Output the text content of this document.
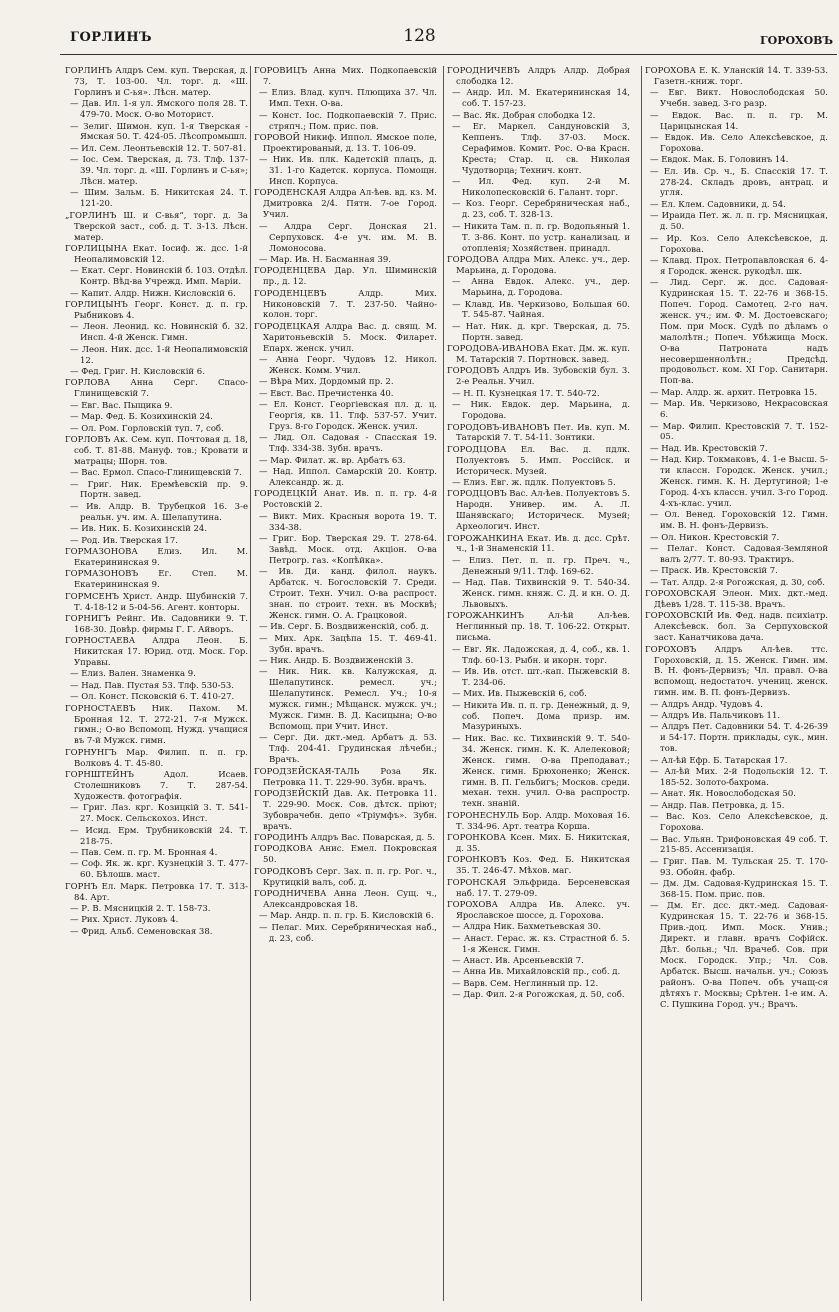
ГОРЛИНЪ	128	ГОРОХОВЪ
ГОРЛИНЪ Алдръ Сем. куп. Тверская, д. 73, Т. 103-00. Чл. торг. д. «Ш. Горлинъ и С-ья». Лѣсн. матер.
— Дав. Ил. 1-я ул. Ямского поля 28. Т. 479-70. Моск. О-во Моторист.
— Зелиг. Шимон. куп. 1-я Тверская - Ямская 50. Т. 424-05. Лѣсопромышл.
— Ил. Сем. Леонтьевскій 12. Т. 507-81.
— Іос. Сем. Тверская, д. 73. Тлф. 137-39. Чл. торг. д. «Ш. Горлинъ и С-ья»; Лѣсн. матер.
— Шим. Зальм. Б. Никитская 24. Т. 121-20.
„ГОРЛИНЪ Ш. и С-вья“, торг. д. За Тверской заст., соб. д. Т. 3-13. Лѣсн. матер.
ГОРЛИЦЫНА Екат. Іосиф. ж. дсс. 1-й Неопалимовскій 12.
— Екат. Серг. Новинскій б. 103. Отдѣл. Контр. Вѣд-ва Учрежд. Имп. Маріи.
— Капит. Алдр. Нижн. Кисловскій 6.
ГОРЛИЦЫНЪ Георг. Конст. д. п. гр. Рыбниковъ 4.
— Леон. Леонид. кс. Новинскій б. 32. Инсп. 4-й Женск. Гимн.
— Леон. Ник. дсс. 1-й Неопалимовскій 12.
— Фед. Григ. Н. Кисловскій 6.
ГОРЛОВА Анна Серг. Спасо-Глинищевскій 7.
— Евг. Вас. Пыщика 9.
— Мар. Фед. Б. Козихинскій 24.
— Ол. Ром. Горловскій туп. 7, соб.
ГОРЛОВЪ Ак. Сем. куп. Почтовая д. 18, соб. Т. 81-88. Мануф. тов.; Кровати и матрацы; Шорн. тов.
— Вас. Ермол. Спасо-Глинищевскій 7.
— Григ. Ник. Еремѣевскій пр. 9. Портн. завед.
— Ив. Алдр. В. Трубецкой 16. 3-е реальн. уч. им. А. Шелапутина.
— Ив. Ник. Б. Козихинскій 24.
— Род. Ив. Тверская 17.
ГОРМАЗОНОВА Елиз. Ил. М. Екатерининская 9.
ГОРМАЗОНОВЪ Ег. Степ. М. Екатерининская 9.
ГОРМСЕНЪ Христ. Андр. Шубинскій 7. Т. 4-18-12 и 5-04-56. Агент. конторы.
ГОРНИГЪ Рейнг. Ив. Садовники 9. Т. 168-30. Довѣр. фирмы Г. Г. Айворъ.
ГОРНОСТАЕВА Алдра Леон. Б. Никитская 17. Юрид. отд. Моск. Гор. Управы.
— Елиз. Вален. Знаменка 9.
— Над. Пав. Пустая 53. Тлф. 530-53.
— Ол. Конст. Псковскій 6. Т. 410-27.
ГОРНОСТАЕВЪ Ник. Пахом. М. Бронная 12. Т. 272-21. 7-я Мужск. гимн.; О-во Вспомощ. Нужд. учащися въ 7-й Мужск. гимн.
ГОРНУНГЪ Мар. Филип. п. п. гр. Волковъ 4. Т. 45-80.
ГОРНШТЕЙНЪ Адол. Исаев. Столешниковъ 7. Т. 287-54. Художеств. фотографія.
— Григ. Лаз. крг. Козицкій 3. Т. 541-27. Моск. Сельскохоз. Инст.
— Исид. Ерм. Трубниковскій 24. Т. 218-75.
— Пав. Сем. п. гр. М. Бронная 4.
— Соф. Як. ж. крг. Кузнецкій 3. Т. 477-60. Бѣлошв. маст.
ГОРНЪ Ел. Марк. Петровка 17. Т. 313-84. Арт.
— Р. В. Мясницкій 2. Т. 158-73.
— Рих. Христ. Луковъ 4.
— Фрид. Альб. Семеновская 38.
ГОРОВИЦЪ Анна Мих. Подкопаевскій 7.
— Елиз. Влад. купч. Плющиха 37. Чл. Имп. Техн. О-ва.
— Конст. Іос. Подкопаевскій 7. Прис. стряпч.; Пом. прис. пов.
ГОРОВОЙ Никиф. Иппол. Ямское поле, Проектированый, д. 13. Т. 106-09.
— Ник. Ив. плк. Кадетскій плацъ, д. 31. 1-го Кадетск. корпуса. Помощн. Инсп. Корпуса.
ГОРОДЕНСКАЯ Алдра Ал-ѣев. вд. кз. М. Дмитровка 2/4. Пятн. 7-ое Город. Учил.
— Алдра Серг. Донская 21. Серпуховск. 4-е уч. им. М. В. Ломоносова.
— Мар. Ив. Н. Басманная 39.
ГОРОДЕНЦЕВА Дар. Ул. Шиминскій пр., д. 12.
ГОРОДЕНЦЕВЪ Алдр. Мих. Никоновскій 7. Т. 237-50. Чайно-колон. торг.
ГОРОДЕЦКАЯ Алдра Вас. д. свящ. М. Харитоньевскій 5. Моск. Филарет. Епарх. женск. учил.
— Анна Георг. Чудовъ 12. Никол. Женск. Комм. Учил.
— Вѣра Мих. Дордомый пр. 2.
— Евст. Вас. Пречистенка 40.
— Ел. Конст. Георгіевская пл. д. ц. Георгія, кв. 11. Тлф. 537-57. Учит. Груз. 8-го Городск. Женск. учил.
— Лид. Ол. Садовая - Спасская 19. Тлф. 334-38. Зубн. врачъ.
— Мар. Филат. ж. вр. Арбатъ 63.
— Над. Иппол. Самарскій 20. Контр. Александр. ж. д.
ГОРОДЕЦКІЙ Анат. Ив. п. п. гр. 4-й Ростовскій 2.
— Викт. Мих. Красныя ворота 19. Т. 334-38.
— Григ. Бор. Тверская 29. Т. 278-64. Завѣд. Моск. отд. Акціон. О-ва Петрогр. газ. «Копѣйка».
— Ив. Ди. канд. филол. наукъ. Арбатск. ч. Богословскій 7. Среди. Строит. Техн. Учил. О-ва распрост. знан. по строит. техн. въ Москвѣ; Женск. гимн. О. А. Грацковой.
— Ив. Серг. Б. Воздвиженскій, соб. д.
— Мих. Арк. Зацѣпа 15. Т. 469-41. Зубн. врачъ.
— Ник. Андр. Б. Воздвиженскій 3.
— Ник. Ник. кв. Калужская, д. Шелапутинск. ремесл. уч.; Шелапутинск. Ремесл. Уч.; 10-я мужск. гимн.; Мѣщанск. мужск. уч.; Мужск. Гимн. В. Д. Касицына; О-во Вспомощ. при Учит. Инст.
— Серг. Ди. дкт.-мед. Арбатъ д. 53. Тлф. 204-41. Грудинская лѣчебн.; Врачъ.
ГОРОДЗЕЙСКАЯ-ТАЛЬ Роза Як. Петровка 11. Т. 229-90. Зубн. врачъ.
ГОРОДЗЕЙСКІЙ Дав. Ак. Петровка 11. Т. 229-90. Моск. Сов. дѣтск. пріют; Зубоврачебн. депо «Тріумфъ». Зубн. врачъ.
ГОРОДИНЪ Алдръ Вас. Поварская, д. 5.
ГОРОДКОВА Анис. Емел. Покровская 50.
ГОРОДКОВЪ Серг. Зах. п. п. гр. Рог. ч., Крутицкій валъ, соб. д.
ГОРОДНИЧЕВА Анна Леон. Сущ. ч., Александровская 18.
— Мар. Андр. п. п. гр. Б. Кисловскій 6.
— Пелаг. Мих. Серебряническая наб., д. 23, соб.
ГОРОДНИЧЕВЪ Алдръ Алдр. Добрая слободка 12.
— Андр. Ил. М. Екатерининская 14, соб. Т. 157-23.
— Вас. Як. Добрая слободка 12.
— Ег. Маркел. Сандуновскій 3, Кеппенъ. Тлф. 37-03. Моск. Серафимов. Комит. Рос. О-ва Красн. Креста; Стар. ц. св. Николая Чудотворца; Технич. конт.
— Ил. Фед. куп. 2-й М. Николопесковскій 6. Галант. торг.
— Коз. Георг. Серебряническая наб., д. 23, соб. Т. 328-13.
— Никита Там. п. п. гр. Водопьяный 1. Т. 3-86. Конт. по устр. канализац. и отопленія; Хозяйствен. принадл.
ГОРОДОВА Алдра Мих. Алекс. уч., дер. Марьина, д. Городова.
— Анна Евдок. Алекс. уч., дер. Марьина, д. Городова.
— Клавд. Ив. Черкизово, Большая 60. Т. 545-87. Чайная.
— Нат. Ник. д. крг. Тверская, д. 75. Портн. завед.
ГОРОДОВА-ИВАНОВА Екат. Дм. ж. куп. М. Татарскій 7. Портновск. завед.
ГОРОДОВЪ Алдръ Ив. Зубовскій бул. 3. 2-е Реальн. Учил.
— Н. П. Кузнецкая 17. Т. 540-72.
— Ник. Евдок. дер. Марьина, д. Городова.
ГОРОДОВЪ-ИВАНОВЪ Пет. Ив. куп. М. Татарскій 7. Т. 54-11. Зонтики.
ГОРОДЦОВА Ел. Вас. д. пдлк. Полуектовъ 5. Имп. Россійск. и Историческ. Музей.
— Елиз. Евг. ж. пдлк. Полуектовъ 5.
ГОРОДЦОВЪ Вас. Ал-ѣев. Полуектовъ 5. Народн. Универ. им. А. Л. Шанявскаго; Историческ. Музей; Археологич. Инст.
ГОРОЖАНКИНА Екат. Ив. д. дсс. Срѣт. ч., 1-й Знаменскій 11.
— Елиз. Пет. п. п. гр. Преч. ч., Денежный 9/11. Тлф. 169-62.
— Над. Пав. Тихвинскій 9. Т. 540-34. Женск. гимн. княж. С. Д. и кн. О. Д. Львовыхъ.
ГОРОЖАНКИНЪ Ал-ѣй Ал-ѣев. Неглинный пр. 18. Т. 106-22. Открыт. письма.
— Евг. Як. Ладожская, д. 4, соб., кв. 1. Тлф. 60-13. Рыбн. и икорн. торг.
— Ив. Ив. отст. шт.-кап. Пыжевскій 8. Т. 234-06.
— Мих. Ив. Пыжевскій 6, соб.
— Никита Ив. п. п. гр. Денежный, д. 9, соб. Попеч. Дома призр. им. Мазуриныхъ.
— Ник. Вас. кс. Тихвинскій 9. Т. 540-34. Женск. гимн. К. К. Алелековой; Женск. гимн. О-ва Преподават.; Женск. гимн. Брюхоненко; Женск. гимн. В. П. Гельбигъ; Москов. среди. механ. техн. учил. О-ва распростр. техн. знаній.
ГОРОНЕСНУЛЬ Бор. Алдр. Моховая 16. Т. 334-96. Арт. театра Корша.
ГОРОНКОВА Ксен. Мих. Б. Никитская, д. 35.
ГОРОНКОВЪ Коз. Фед. Б. Никитская 35. Т. 246-47. Мѣхов. маг.
ГОРОНСКАЯ Эльфрида. Берсеневская наб. 17. Т. 279-09.
ГОРОХОВА Алдра Ив. Алекс. уч. Ярославское шоссе, д. Горохова.
— Алдра Ник. Бахметьевская 30.
— Анаст. Герас. ж. кз. Страстной б. 5. 1-я Женск. Гимн.
— Анаст. Ив. Арсеньевскій 7.
— Анна Ив. Михайловскій пр., соб. д.
— Варв. Сем. Неглинный пр. 12.
— Дар. Фил. 2-я Рогожская, д. 50, соб.
ГОРОХОВА Е. К. Уланскій 14. Т. 339-53. Газетн.-книж. торг.
— Евг. Викт. Новослободская 50. Учебн. завед. 3-го разр.
— Евдок. Вас. п. п. гр. М. Царицынская 14.
— Евдок. Ив. Село Алексѣевское, д. Горохова.
— Евдок. Мак. Б. Головинъ 14.
— Ел. Ив. Ср. ч., Б. Спасскій 17. Т. 278-24. Складъ дровъ, антрац. и угля.
— Ел. Клем. Садовники, д. 54.
— Ираида Пет. ж. л. п. гр. Мясницкая, д. 50.
— Ир. Коз. Село Алексѣевское, д. Горохова.
— Клавд. Прох. Петропавловская 6. 4-я Городск. женск. рукодѣл. шк.
— Лид. Серг. ж. дсс. Садовая-Кудринская 15. Т. 22-76 и 368-15. Попеч. Город. Самотец. 2-го нач. женск. уч.; им. Ф. М. Достоевскаго; Пом. при Моск. Судѣ по дѣламъ о малолѣтн.; Попеч. Убѣжища Моск. О-ва Патроната надъ несовершеннолѣтн.; Предсѣд. продовольст. ком. XI Гор. Санитарн. Поп-ва.
— Мар. Алдр. ж. архит. Петровка 15.
— Мар. Ив. Черкизово, Некрасовская 6.
— Мар. Филип. Крестовскій 7. Т. 152-05.
— Над. Ив. Крестовскій 7.
— Над. Кир. Токмаковъ, 4. 1-е Высш. 5-ти классн. Городск. Женск. учил.; Женск. гимн. К. Н. Дертугиной; 1-е Город. 4-хъ классн. учил. 3-го Город. 4-хъ-клас. учил.
— Ол. Венед. Гороховскій 12. Гимн. им. В. Н. фонъ-Дервизъ.
— Ол. Никон. Крестовскій 7.
— Пелаг. Конст. Садовая-Земляной валъ 2/77. Т. 80-93. Трактиръ.
— Праск. Ив. Крестовскій 7.
— Тат. Алдр. 2-я Рогожская, д. 30, соб.
ГОРОХОВСКАЯ Элеон. Мих. дкт.-мед. Дѣевъ 1/28. Т. 115-38. Врачъ.
ГОРОХОВСКІЙ Ив. Фед. надв. психіатр. Алексѣевск. бол. За Серпуховской заст. Канатчикова дача.
ГОРОХОВЪ Алдръ Ал-ѣев. ттс. Гороховскій, д. 15. Женск. Гимн. им. В. Н. фонъ-Дервизъ; Чл. правл. О-ва вспомощ. недостаточ. учениц. женск. гимн. им. В. П. фонъ-Дервизъ.
— Алдръ Андр. Чудовъ 4.
— Алдръ Ив. Пальчиковъ 11.
— Алдръ Пет. Садовники 54. Т. 4-26-39 и 54-17. Портн. приклады, сук., мин. тов.
— Ал-ѣй Ефр. Б. Татарская 17.
— Ал-ѣй Мих. 2-й Подольскій 12. Т. 185-52. Золото-бахрома.
— Анат. Як. Новослободская 50.
— Андр. Пав. Петровка, д. 15.
— Вас. Коз. Село Алексѣевское, д. Горохова.
— Вас. Ульян. Трифоновская 49 соб. Т. 215-85. Ассенизація.
— Григ. Пав. М. Тульская 25. Т. 170-93. Обойн. фабр.
— Дм. Дм. Садовая-Кудринская 15. Т. 368-15. Пом. прис. пов.
— Дм. Ег. дсс. дкт.-мед. Садовая-Кудринская 15. Т. 22-76 и 368-15. Прив.-доц. Имп. Моск. Унив.; Директ. и главн. врачъ Софійск. Дѣт. больн.; Чл. Врачеб. Сов. при Моск. Городск. Упр.; Чл. Сов. Арбатск. Высш. начальн. уч.; Союзъ районъ. О-ва Попеч. объ учащ-ся дѣтяхъ г. Москвы; Срѣтен. 1-е им. А. С. Пушкина Город. уч.; Врачъ.
